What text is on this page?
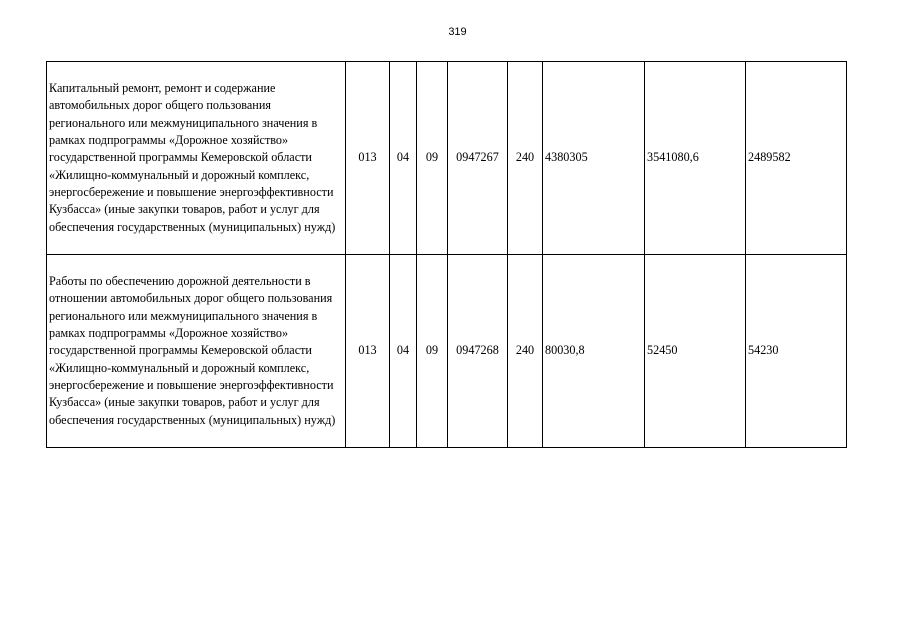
319
Капитальный ремонт, ремонт и содержание автомобильных дорог общего пользования регионального или межмуниципального значения в рамках подпрограммы «Дорожное хозяйство» государственной программы Кемеровской области «Жилищно-коммунальный и дорожный комплекс, энергосбережение и повышение энергоэффективности Кузбасса» (иные закупки товаров, работ и услуг для обеспечения государственных (муниципальных) нужд)	013	04	09	0947267	240	4380305	3541080,6	2489582
Работы по обеспечению дорожной деятельности в отношении автомобильных дорог общего пользования регионального или межмуниципального значения в рамках подпрограммы «Дорожное хозяйство» государственной программы Кемеровской области «Жилищно-коммунальный и дорожный комплекс, энергосбережение и повышение энергоэффективности Кузбасса» (иные закупки товаров, работ и услуг для обеспечения государственных (муниципальных) нужд)	013	04	09	0947268	240	80030,8	52450	54230
